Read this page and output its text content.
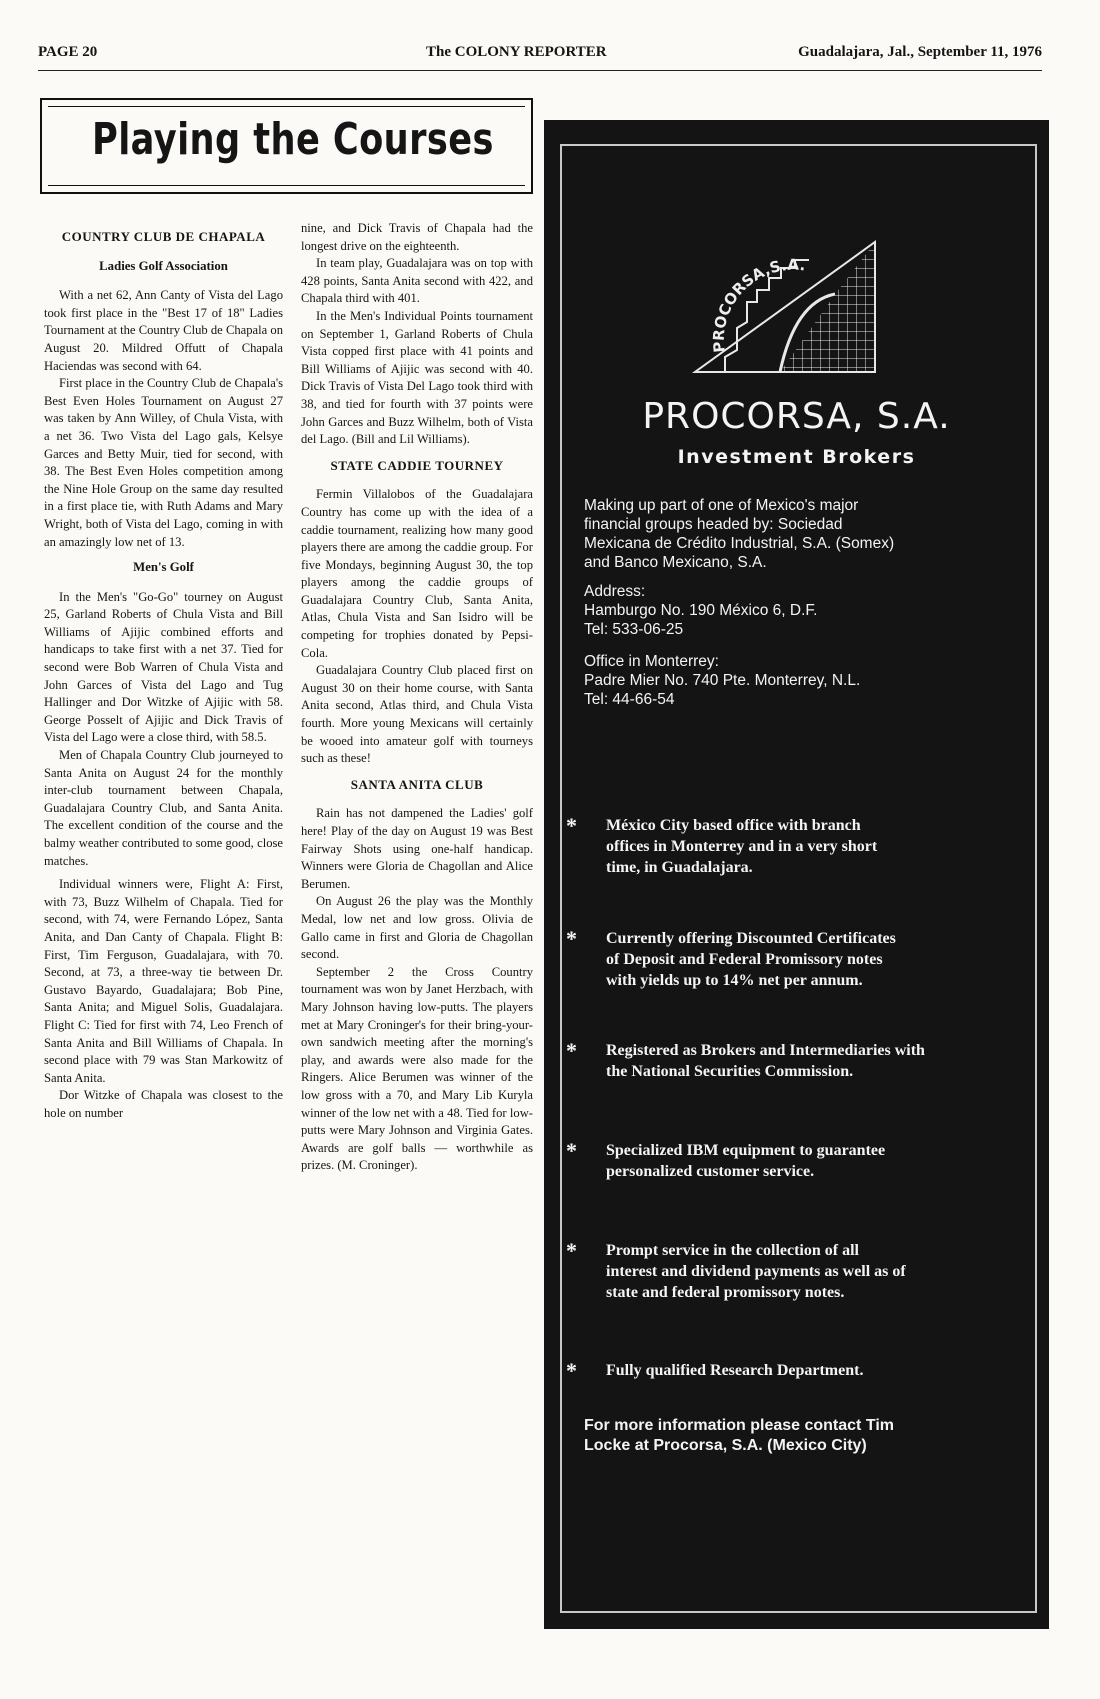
PAGE 20	The COLONY REPORTER	Guadalajara, Jal., September 11, 1976
Playing the Courses
COUNTRY CLUB DE CHAPALA
Ladies Golf Association

With a net 62, Ann Canty of Vista del Lago took first place in the "Best 17 of 18" Ladies Tournament at the Country Club de Chapala on August 20. Mildred Offutt of Chapala Haciendas was second with 64.

First place in the Country Club de Chapala's Best Even Holes Tournament on August 27 was taken by Ann Willey, of Chula Vista, with a net 36. Two Vista del Lago gals, Kelsye Garces and Betty Muir, tied for second, with 38. The Best Even Holes competition among the Nine Hole Group on the same day resulted in a first place tie, with Ruth Adams and Mary Wright, both of Vista del Lago, coming in with an amazingly low net of 13.

Men's Golf

In the Men's "Go-Go" tourney on August 25, Garland Roberts of Chula Vista and Bill Williams of Ajijic combined efforts and handicaps to take first with a net 37. Tied for second were Bob Warren of Chula Vista and John Garces of Vista del Lago and Tug Hallinger and Dor Witzke of Ajijic with 58. George Posselt of Ajijic and Dick Travis of Vista del Lago were a close third, with 58.5.

Men of Chapala Country Club journeyed to Santa Anita on August 24 for the monthly inter-club tournament between Chapala, Guadalajara Country Club, and Santa Anita. The excellent condition of the course and the balmy weather contributed to some good, close matches.

Individual winners were, Flight A: First, with 73, Buzz Wilhelm of Chapala. Tied for second, with 74, were Fernando López, Santa Anita, and Dan Canty of Chapala. Flight B: First, Tim Ferguson, Guadalajara, with 70. Second, at 73, a three-way tie between Dr. Gustavo Bayardo, Guadalajara; Bob Pine, Santa Anita; and Miguel Solis, Guadalajara. Flight C: Tied for first with 74, Leo French of Santa Anita and Bill Williams of Chapala. In second place with 79 was Stan Markowitz of Santa Anita.

Dor Witzke of Chapala was closest to the hole on number

nine, and Dick Travis of Chapala had the longest drive on the eighteenth.

In team play, Guadalajara was on top with 428 points, Santa Anita second with 422, and Chapala third with 401.

In the Men's Individual Points tournament on September 1, Garland Roberts of Chula Vista copped first place with 41 points and Bill Williams of Ajijic was second with 40. Dick Travis of Vista Del Lago took third with 38, and tied for fourth with 37 points were John Garces and Buzz Wilhelm, both of Vista del Lago. (Bill and Lil Williams).

STATE CADDIE TOURNEY

Fermin Villalobos of the Guadalajara Country has come up with the idea of a caddie tournament, realizing how many good players there are among the caddie group. For five Mondays, beginning August 30, the top players among the caddie groups of Guadalajara Country Club, Santa Anita, Atlas, Chula Vista and San Isidro will be competing for trophies donated by Pepsi-Cola.

Guadalajara Country Club placed first on August 30 on their home course, with Santa Anita second, Atlas third, and Chula Vista fourth. More young Mexicans will certainly be wooed into amateur golf with tourneys such as these!

SANTA ANITA CLUB

Rain has not dampened the Ladies' golf here! Play of the day on August 19 was Best Fairway Shots using one-half handicap. Winners were Gloria de Chagollan and Alice Berumen.

On August 26 the play was the Monthly Medal, low net and low gross. Olivia de Gallo came in first and Gloria de Chagollan second.

September 2 the Cross Country tournament was won by Janet Herzbach, with Mary Johnson having low-putts. The players met at Mary Croninger's for their bring-your-own sandwich meeting after the morning's play, and awards were also made for the Ringers. Alice Berumen was winner of the low gross with a 70, and Mary Lib Kuryla winner of the low net with a 48. Tied for low-putts were Mary Johnson and Virginia Gates. Awards are golf balls — worthwhile as prizes. (M. Croninger).

PROCORSA,S.A.
PROCORSA, S.A.
Investment Brokers
Making up part of one of Mexico's major
financial groups headed by: Sociedad
Mexicana de Crédito Industrial, S.A. (Somex)
and Banco Mexicano, S.A.
Address:
Hamburgo No. 190 México 6, D.F.
Tel: 533-06-25
Office in Monterrey:
Padre Mier No. 740 Pte. Monterrey, N.L.
Tel: 44-66-54
* México City based office with branch
offices in Monterrey and in a very short
time, in Guadalajara.
* Currently offering Discounted Certificates
of Deposit and Federal Promissory notes
with yields up to 14% net per annum.
* Registered as Brokers and Intermediaries with
the National Securities Commission.
* Specialized IBM equipment to guarantee
personalized customer service.
* Prompt service in the collection of all
interest and dividend payments as well as of
state and federal promissory notes.
* Fully qualified Research Department.
For more information please contact Tim
Locke at Procorsa, S.A. (Mexico City)
